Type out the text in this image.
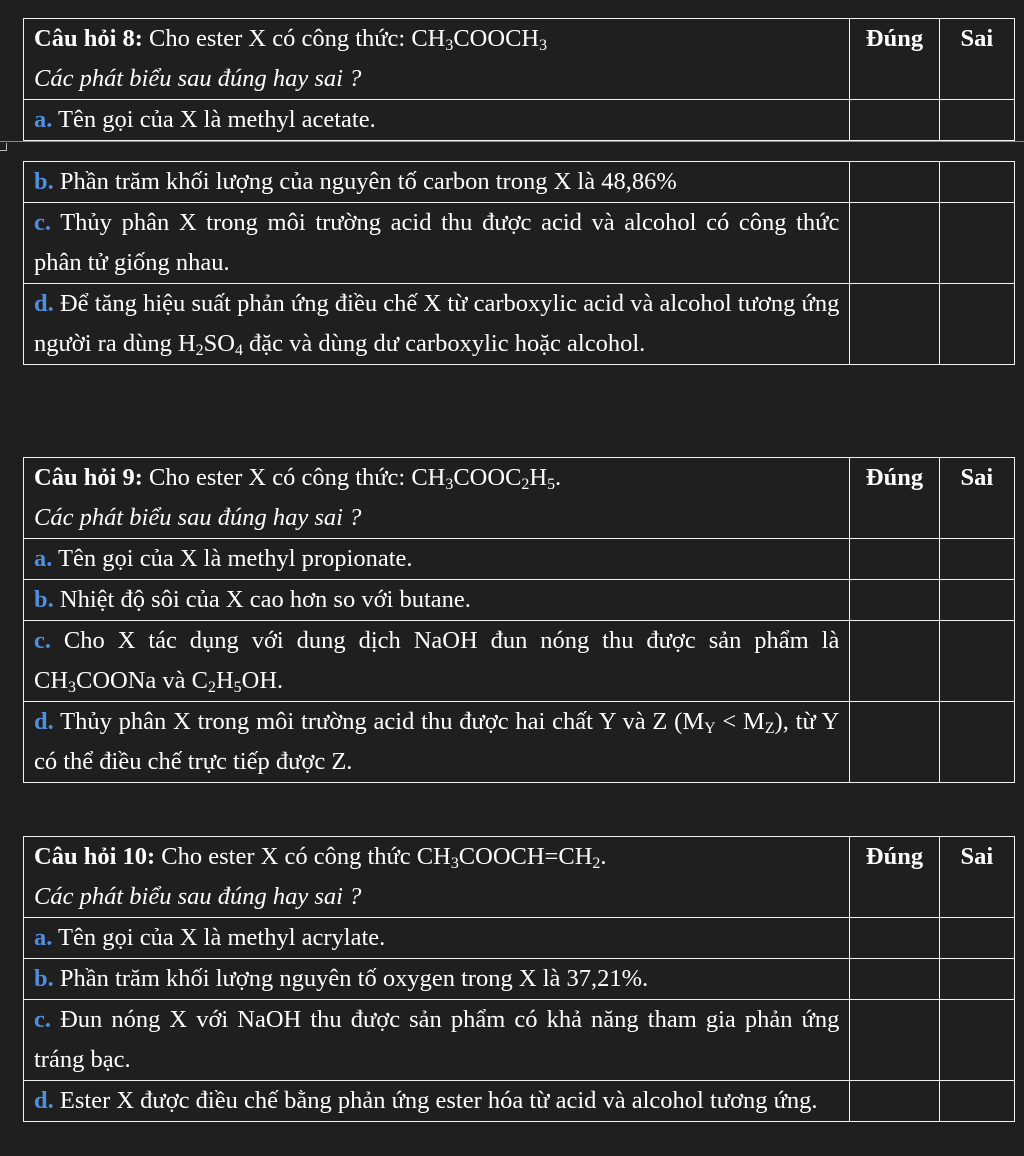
Câu hỏi 8: Cho ester X có công thức: $CH_3COOCH_3$
Các phát biểu sau đúng hay sai ?	Đúng	Sai
a. Tên gọi của X là methyl acetate.		

b. Phần trăm khối lượng của nguyên tố carbon trong X là 48,86%		
c. Thủy phân X trong môi trường acid thu được acid và alcohol có công thức phân tử giống nhau.		
d. Để tăng hiệu suất phản ứng điều chế X từ carboxylic acid và alcohol tương ứng người ra dùng $H_2SO_4$ đặc và dùng dư carboxylic hoặc alcohol.		
Câu hỏi 9: Cho ester X có công thức: $CH_3COOC_2H_5$.
Các phát biểu sau đúng hay sai ?	Đúng	Sai
a. Tên gọi của X là methyl propionate.		
b. Nhiệt độ sôi của X cao hơn so với butane.		
c. Cho X tác dụng với dung dịch NaOH đun nóng thu được sản phẩm là $CH_3COONa$ và $C_2H_5OH$.		
d. Thủy phân X trong môi trường acid thu được hai chất Y và Z $(M_Y < M_Z)$, từ Y có thể điều chế trực tiếp được Z.		
Câu hỏi 10: Cho ester X có công thức $CH_3COOCH=CH_2$.
Các phát biểu sau đúng hay sai ?	Đúng	Sai
a. Tên gọi của X là methyl acrylate.		
b. Phần trăm khối lượng nguyên tố oxygen trong X là 37,21%.		
c. Đun nóng X với NaOH thu được sản phẩm có khả năng tham gia phản ứng tráng bạc.		
d. Ester X được điều chế bằng phản ứng ester hóa từ acid và alcohol tương ứng.		
